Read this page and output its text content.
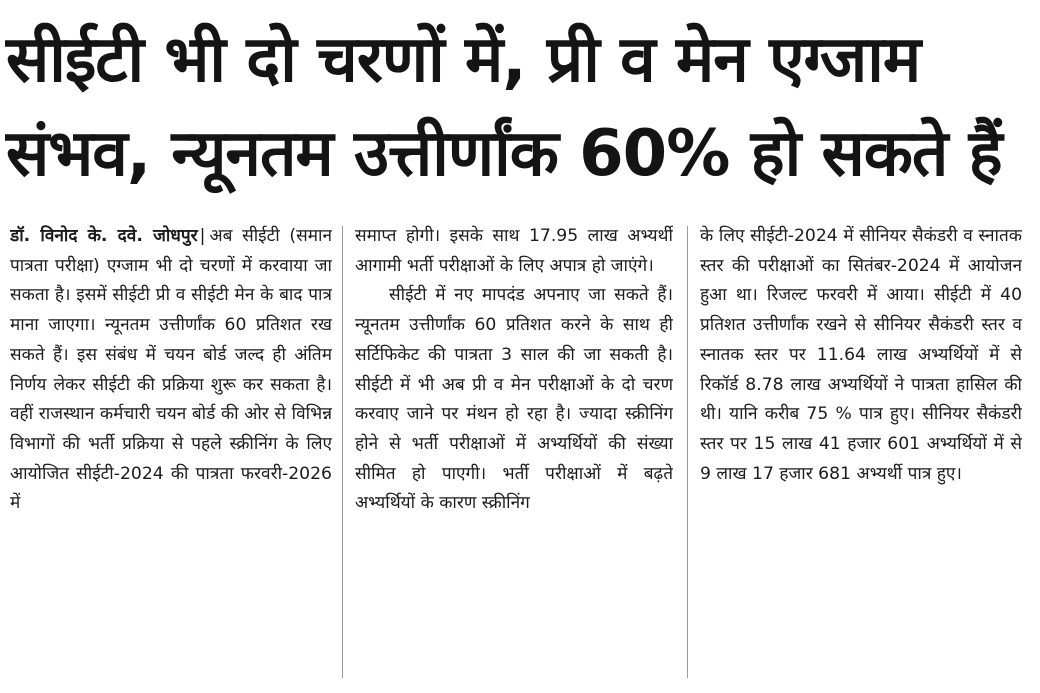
सीईटी भी दो चरणों में, प्री व मेन एग्जाम
संभव, न्यूनतम उत्तीर्णांक 60% हो सकते हैं

डॉ. विनोद के. दवे. जोधपुर | अब सीईटी (समान पात्रता परीक्षा) एग्जाम भी दो चरणों में करवाया जा सकता है। इसमें सीईटी प्री व सीईटी मेन के बाद पात्र माना जाएगा। न्यूनतम उत्तीर्णांक 60 प्रतिशत रख सकते हैं। इस संबंध में चयन बोर्ड जल्द ही अंतिम निर्णय लेकर सीईटी की प्रक्रिया शुरू कर सकता है। वहीं राजस्थान कर्मचारी चयन बोर्ड की ओर से विभिन्न विभागों की भर्ती प्रक्रिया से पहले स्क्रीनिंग के लिए आयोजित सीईटी-2024 की पात्रता फरवरी-2026 में

समाप्त होगी। इसके साथ 17.95 लाख अभ्यर्थी आगामी भर्ती परीक्षाओं के लिए अपात्र हो जाएंगे।

सीईटी में नए मापदंड अपनाए जा सकते हैं। न्यूनतम उत्तीर्णांक 60 प्रतिशत करने के साथ ही सर्टिफिकेट की पात्रता 3 साल की जा सकती है। सीईटी में भी अब प्री व मेन परीक्षाओं के दो चरण करवाए जाने पर मंथन हो रहा है। ज्यादा स्क्रीनिंग होने से भर्ती परीक्षाओं में अभ्यर्थियों की संख्या सीमित हो पाएगी। भर्ती परीक्षाओं में बढ़ते अभ्यर्थियों के कारण स्क्रीनिंग

के लिए सीईटी-2024 में सीनियर सैकंडरी व स्नातक स्तर की परीक्षाओं का सितंबर-2024 में आयोजन हुआ था। रिजल्ट फरवरी में आया। सीईटी में 40 प्रतिशत उत्तीर्णांक रखने से सीनियर सैकंडरी स्तर व स्नातक स्तर पर 11.64 लाख अभ्यर्थियों में से रिकॉर्ड 8.78 लाख अभ्यर्थियों ने पात्रता हासिल की थी। यानि करीब 75 % पात्र हुए। सीनियर सैकंडरी स्तर पर 15 लाख 41 हजार 601 अभ्यर्थियों में से 9 लाख 17 हजार 681 अभ्यर्थी पात्र हुए।
